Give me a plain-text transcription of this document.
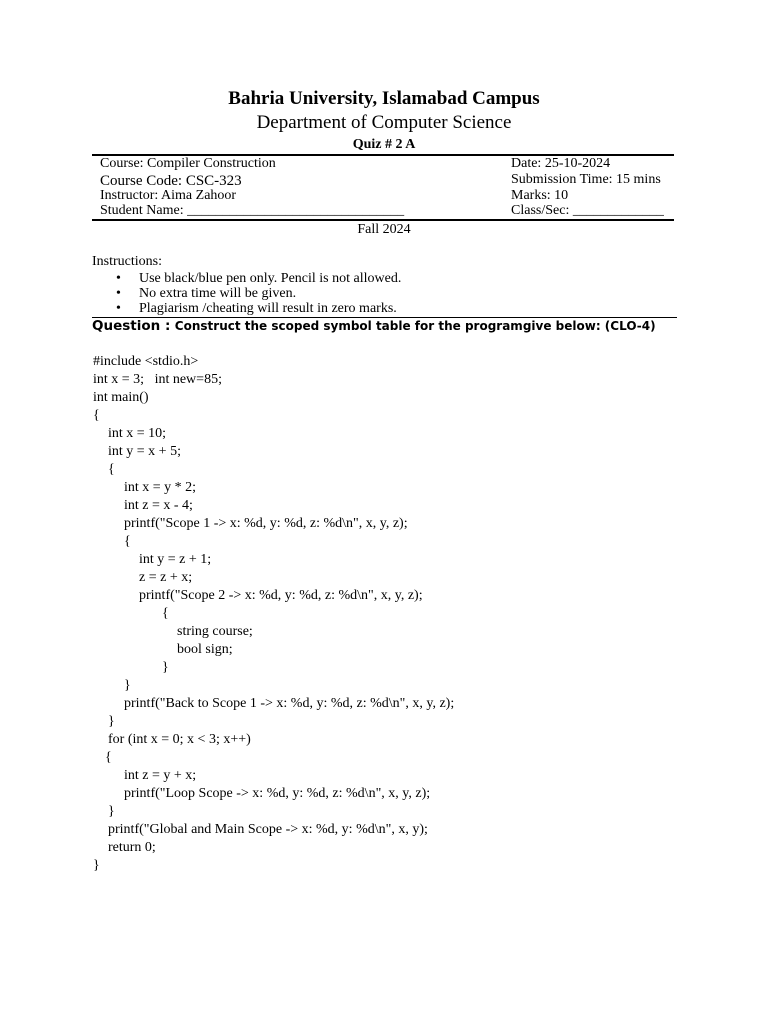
Bahria University, Islamabad Campus
Department of Computer Science
Quiz # 2 A
Course: Compiler Construction
Course Code: CSC-323
Instructor: Aima Zahoor
Student Name: _______________________________
Date: 25-10-2024
Submission Time: 15 mins
Marks: 10
Class/Sec: _____________
Fall 2024
Instructions:
• Use black/blue pen only. Pencil is not allowed.
• No extra time will be given.
• Plagiarism /cheating will result in zero marks.
Question : Construct the scoped symbol table for the programgive below: (CLO-4)
#include <stdio.h>
int x = 3;   int new=85;
int main()
{
int x = 10;
int y = x + 5;
{
int x = y * 2;
int z = x - 4;
printf("Scope 1 -> x: %d, y: %d, z: %d\n", x, y, z);
{
int y = z + 1;
z = z + x;
printf("Scope 2 -> x: %d, y: %d, z: %d\n", x, y, z);
{
string course;
bool sign;
}
}
printf("Back to Scope 1 -> x: %d, y: %d, z: %d\n", x, y, z);
}
for (int x = 0; x < 3; x++)
{
int z = y + x;
printf("Loop Scope -> x: %d, y: %d, z: %d\n", x, y, z);
}
printf("Global and Main Scope -> x: %d, y: %d\n", x, y);
return 0;
}
